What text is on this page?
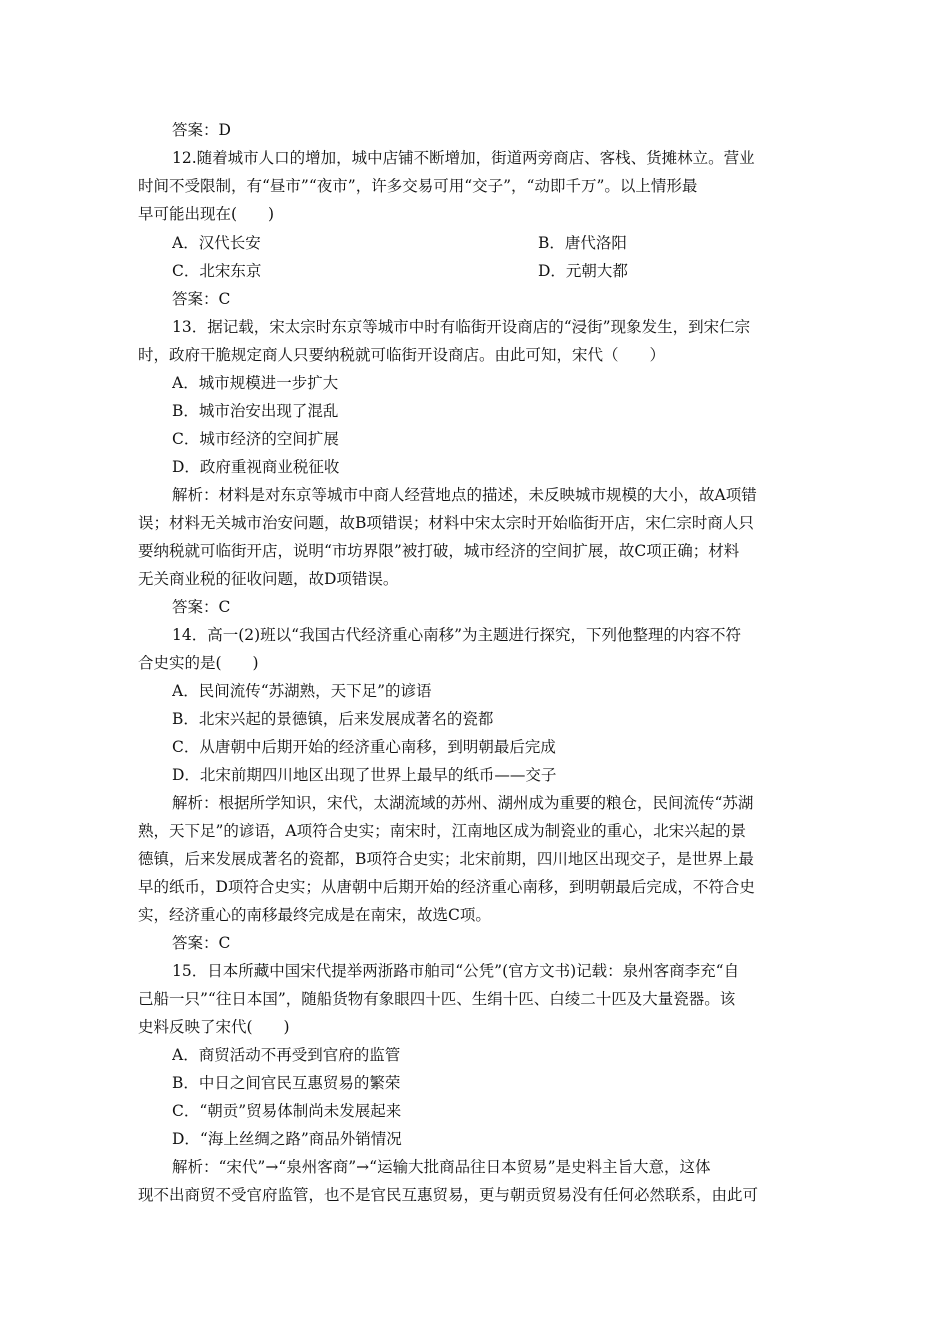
答案：D
12.随着城市人口的增加，城中店铺不断增加，街道两旁商店、客栈、货摊林立。营业
时间不受限制，有“昼市”“夜市”，许多交易可用“交子”，“动即千万”。以上情形最
早可能出现在(　　)
A．汉代长安	B．唐代洛阳
C．北宋东京	D．元朝大都
答案：C
13．据记载，宋太宗时东京等城市中时有临街开设商店的“浸街”现象发生，到宋仁宗
时，政府干脆规定商人只要纳税就可临街开设商店。由此可知，宋代（　　）
A．城市规模进一步扩大
B．城市治安出现了混乱
C．城市经济的空间扩展
D．政府重视商业税征收
解析：材料是对东京等城市中商人经营地点的描述，未反映城市规模的大小，故A项错
误；材料无关城市治安问题，故B项错误；材料中宋太宗时开始临街开店，宋仁宗时商人只
要纳税就可临街开店，说明“市坊界限”被打破，城市经济的空间扩展，故C项正确；材料
无关商业税的征收问题，故D项错误。
答案：C
14．高一(2)班以“我国古代经济重心南移”为主题进行探究，下列他整理的内容不符
合史实的是(　　)
A．民间流传“苏湖熟，天下足”的谚语
B．北宋兴起的景德镇，后来发展成著名的瓷都
C．从唐朝中后期开始的经济重心南移，到明朝最后完成
D．北宋前期四川地区出现了世界上最早的纸币——交子
解析：根据所学知识，宋代，太湖流域的苏州、湖州成为重要的粮仓，民间流传“苏湖
熟，天下足”的谚语，A项符合史实；南宋时，江南地区成为制瓷业的重心，北宋兴起的景
德镇，后来发展成著名的瓷都，B项符合史实；北宋前期，四川地区出现交子，是世界上最
早的纸币，D项符合史实；从唐朝中后期开始的经济重心南移，到明朝最后完成，不符合史
实，经济重心的南移最终完成是在南宋，故选C项。
答案：C
15．日本所藏中国宋代提举两浙路市舶司“公凭”(官方文书)记载：泉州客商李充“自
己船一只”“往日本国”，随船货物有象眼四十匹、生绢十匹、白绫二十匹及大量瓷器。该
史料反映了宋代(　　)
A．商贸活动不再受到官府的监管
B．中日之间官民互惠贸易的繁荣
C．“朝贡”贸易体制尚未发展起来
D．“海上丝绸之路”商品外销情况
解析：“宋代”→“泉州客商”→“运输大批商品往日本贸易”是史料主旨大意，这体
现不出商贸不受官府监管，也不是官民互惠贸易，更与朝贡贸易没有任何必然联系，由此可
